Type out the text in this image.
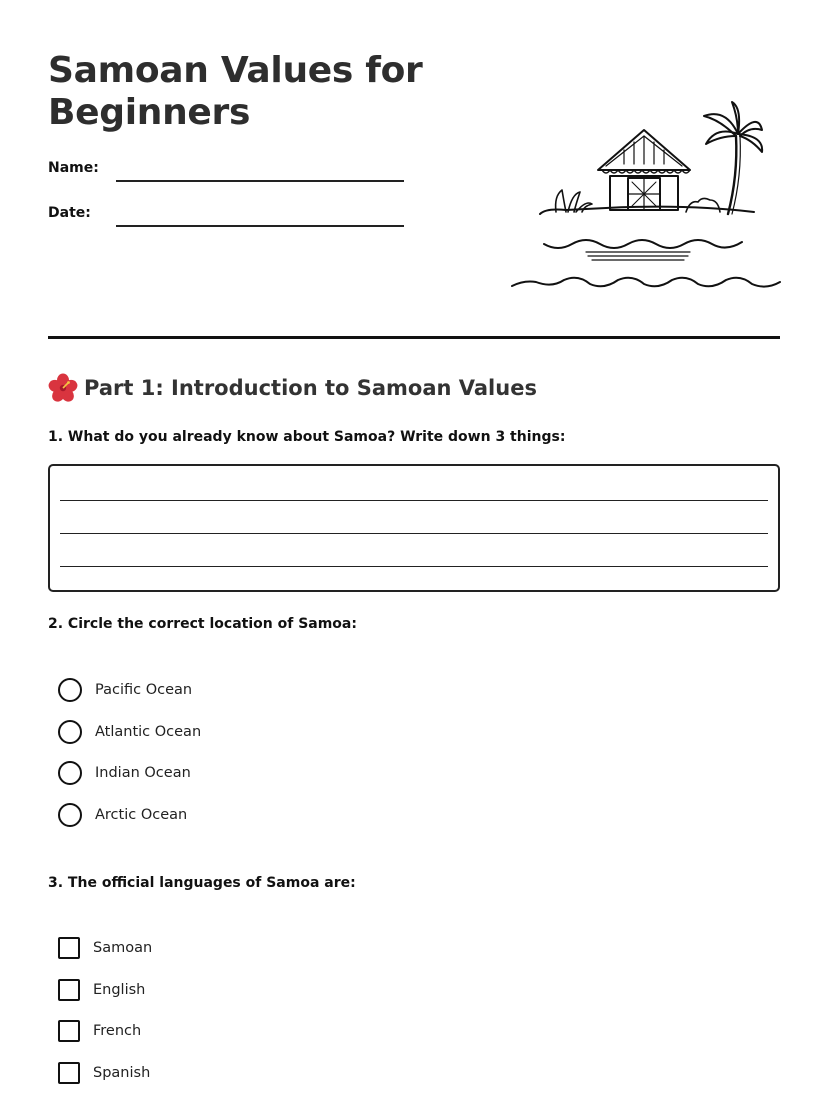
Samoan Values for Beginners
Name:
Date:
Part 1: Introduction to Samoan Values

1. What do you already know about Samoa? Write down 3 things:

2. Circle the correct location of Samoa:

Pacific Ocean
Atlantic Ocean
Indian Ocean
Arctic Ocean

3. The official languages of Samoa are:

Samoan
English
French
Spanish
